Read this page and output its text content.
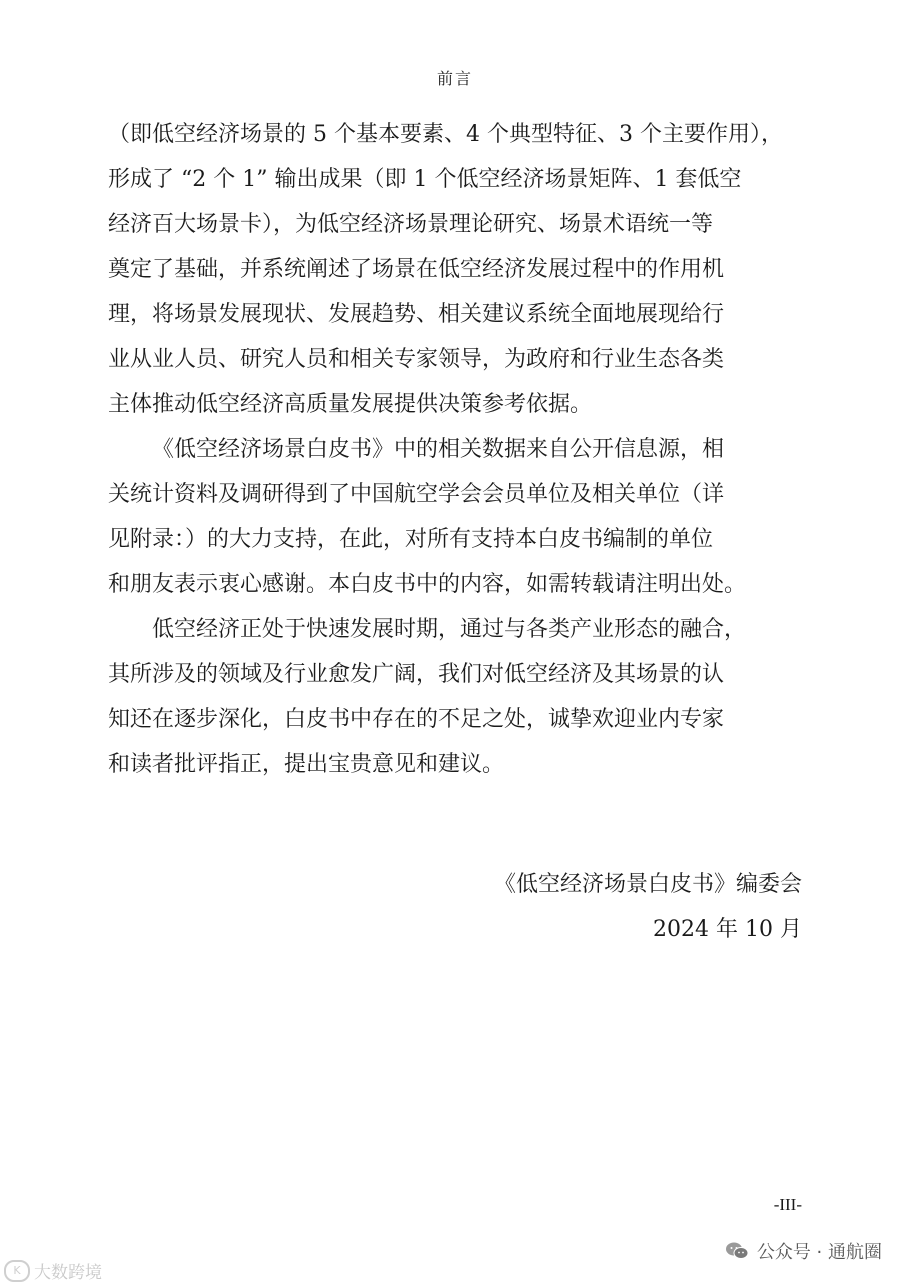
前言
（即低空经济场景的 5 个基本要素、4 个典型特征、3 个主要作用），
形成了 “2 个 1” 输出成果（即 1 个低空经济场景矩阵、1 套低空
经济百大场景卡），为低空经济场景理论研究、场景术语统一等
奠定了基础，并系统阐述了场景在低空经济发展过程中的作用机
理，将场景发展现状、发展趋势、相关建议系统全面地展现给行
业从业人员、研究人员和相关专家领导，为政府和行业生态各类
主体推动低空经济高质量发展提供决策参考依据。
《低空经济场景白皮书》中的相关数据来自公开信息源，相
关统计资料及调研得到了中国航空学会会员单位及相关单位（详
见附录：）的大力支持，在此，对所有支持本白皮书编制的单位
和朋友表示衷心感谢。本白皮书中的内容，如需转载请注明出处。
低空经济正处于快速发展时期，通过与各类产业形态的融合，
其所涉及的领域及行业愈发广阔，我们对低空经济及其场景的认
知还在逐步深化，白皮书中存在的不足之处，诚挚欢迎业内专家
和读者批评指正，提出宝贵意见和建议。
《低空经济场景白皮书》编委会
2024 年 10 月
-III-
K 大数跨境
公众号 · 通航圈
